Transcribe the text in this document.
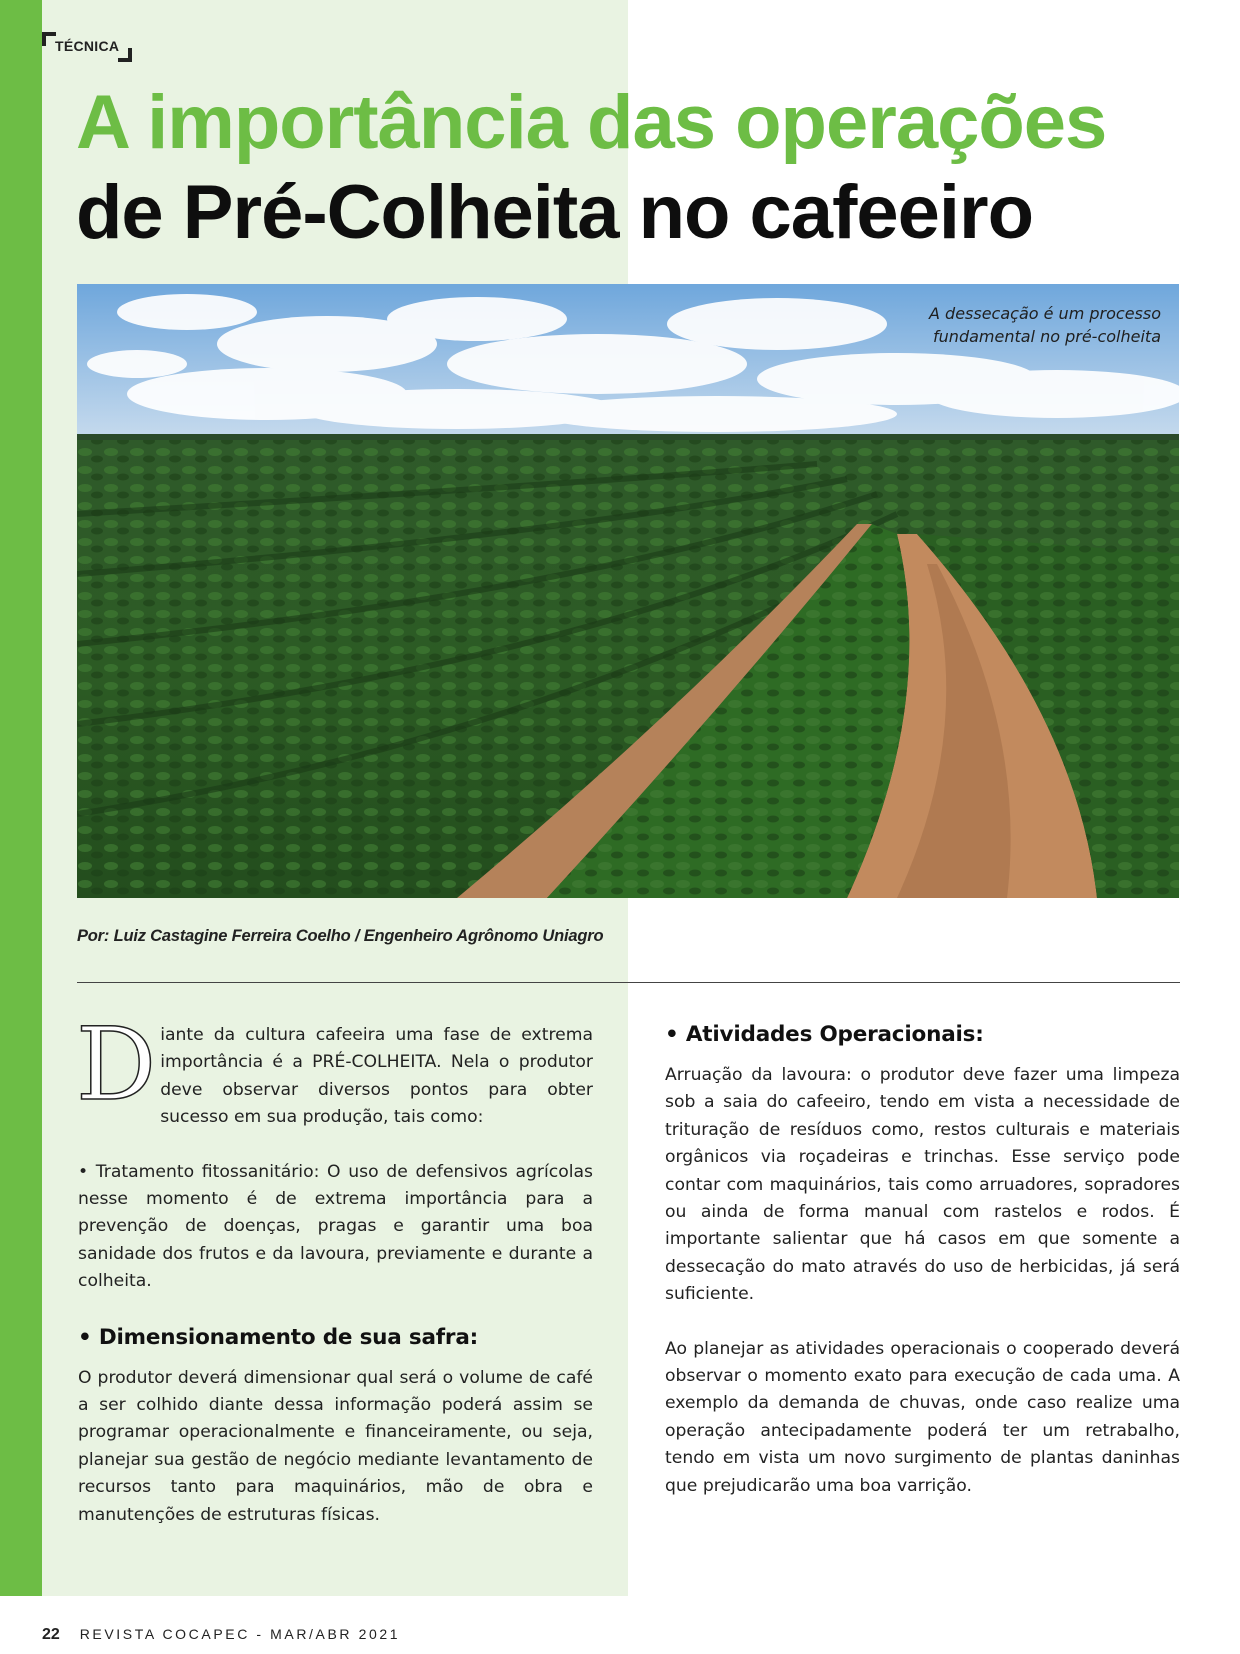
TÉCNICA
A importância das operações
de Pré-Colheita no cafeeiro
A dessecação é um processo
fundamental no pré-colheita
Por: Luiz Castagine Ferreira Coelho / Engenheiro Agrônomo Uniagro

Diante da cultura cafeeira uma fase de extrema importância é a PRÉ-COLHEITA. Nela o produtor deve observar diversos pontos para obter sucesso em sua produção, tais como:

• Tratamento fitossanitário: O uso de defensivos agrícolas nesse momento é de extrema importância para a prevenção de doenças, pragas e garantir uma boa sanidade dos frutos e da lavoura, previamente e durante a colheita.

• Dimensionamento de sua safra:

O produtor deverá dimensionar qual será o volume de café a ser colhido diante dessa informação poderá assim se programar operacionalmente e financeiramente, ou seja, planejar sua gestão de negócio mediante levantamento de recursos tanto para maquinários, mão de obra e manutenções de estruturas físicas.

• Atividades Operacionais:

Arruação da lavoura: o produtor deve fazer uma limpeza sob a saia do cafeeiro, tendo em vista a necessidade de trituração de resíduos como, restos culturais e materiais orgânicos via roçadeiras e trinchas. Esse serviço pode contar com maquinários, tais como arruadores, sopradores ou ainda de forma manual com rastelos e rodos. É importante salientar que há casos em que somente a dessecação do mato através do uso de herbicidas, já será suficiente.

Ao planejar as atividades operacionais o cooperado deverá observar o momento exato para execução de cada uma. A exemplo da demanda de chuvas, onde caso realize uma operação antecipadamente poderá ter um retrabalho, tendo em vista um novo surgimento de plantas daninhas que prejudicarão uma boa varrição.

22 REVISTA COCAPEC - MAR/ABR 2021
